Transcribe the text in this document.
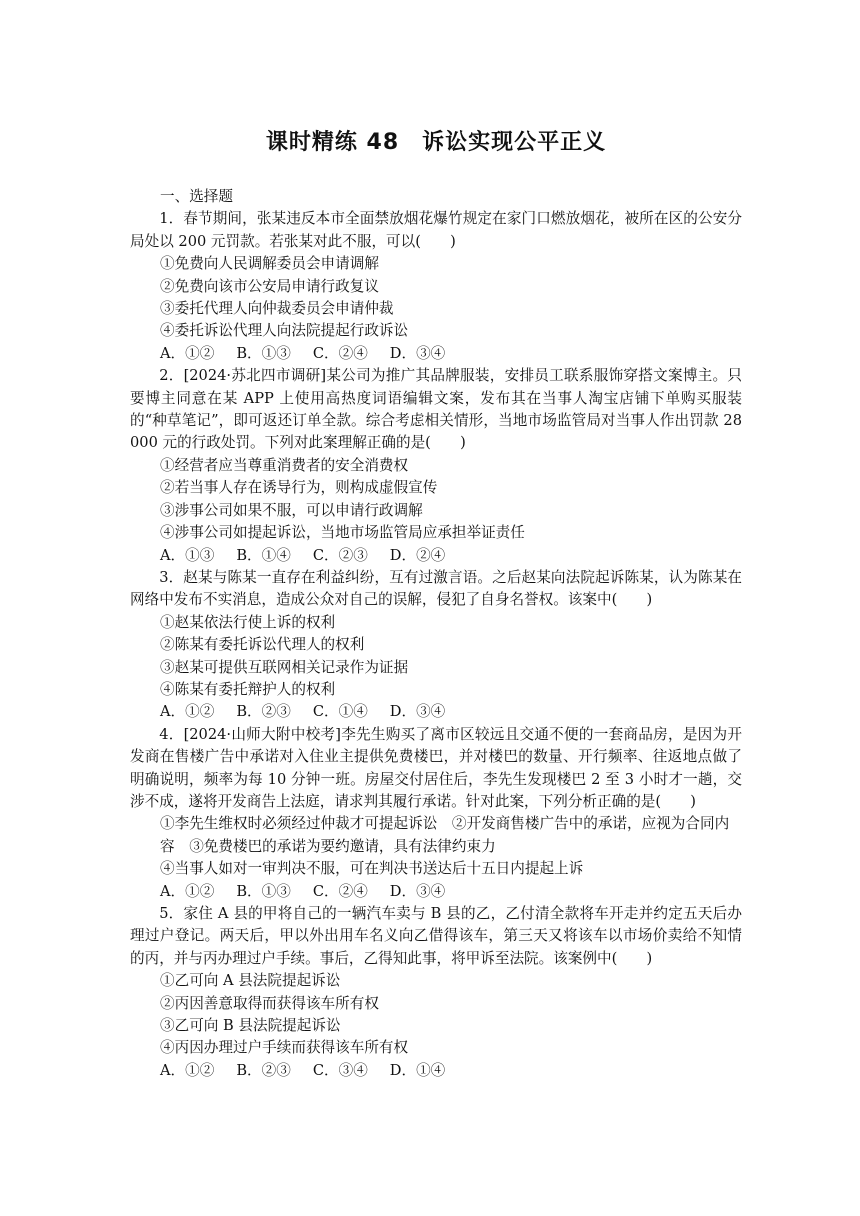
课时精练 48　诉讼实现公平正义
一、选择题

1．春节期间，张某违反本市全面禁放烟花爆竹规定在家门口燃放烟花，被所在区的公安分局处以 200 元罚款。若张某对此不服，可以(　　)

①免费向人民调解委员会申请调解
②免费向该市公安局申请行政复议
③委托代理人向仲裁委员会申请仲裁
④委托诉讼代理人向法院提起行政诉讼
A．①② B．①③ C．②④ D．③④

2．[2024·苏北四市调研]某公司为推广其品牌服装，安排员工联系服饰穿搭文案博主。只要博主同意在某 APP 上使用高热度词语编辑文案，发布其在当事人淘宝店铺下单购买服装的“种草笔记”，即可返还订单全款。综合考虑相关情形，当地市场监管局对当事人作出罚款 28 000 元的行政处罚。下列对此案理解正确的是(　　)

①经营者应当尊重消费者的安全消费权
②若当事人存在诱导行为，则构成虚假宣传
③涉事公司如果不服，可以申请行政调解
④涉事公司如提起诉讼，当地市场监管局应承担举证责任
A．①③ B．①④ C．②③ D．②④

3．赵某与陈某一直存在利益纠纷，互有过激言语。之后赵某向法院起诉陈某，认为陈某在网络中发布不实消息，造成公众对自己的误解，侵犯了自身名誉权。该案中(　　)

①赵某依法行使上诉的权利
②陈某有委托诉讼代理人的权利
③赵某可提供互联网相关记录作为证据
④陈某有委托辩护人的权利
A．①② B．②③ C．①④ D．③④

4．[2024·山师大附中校考]李先生购买了离市区较远且交通不便的一套商品房，是因为开发商在售楼广告中承诺对入住业主提供免费楼巴，并对楼巴的数量、开行频率、往返地点做了明确说明，频率为每 10 分钟一班。房屋交付居住后，李先生发现楼巴 2 至 3 小时才一趟，交涉不成，遂将开发商告上法庭，请求判其履行承诺。针对此案，下列分析正确的是(　　)

①李先生维权时必须经过仲裁才可提起诉讼　②开发商售楼广告中的承诺，应视为合同内容　③免费楼巴的承诺为要约邀请，具有法律约束力
④当事人如对一审判决不服，可在判决书送达后十五日内提起上诉
A．①② B．①③ C．②④ D．③④

5．家住 A 县的甲将自己的一辆汽车卖与 B 县的乙，乙付清全款将车开走并约定五天后办理过户登记。两天后，甲以外出用车名义向乙借得该车，第三天又将该车以市场价卖给不知情的丙，并与丙办理过户手续。事后，乙得知此事，将甲诉至法院。该案例中(　　)

①乙可向 A 县法院提起诉讼
②丙因善意取得而获得该车所有权
③乙可向 B 县法院提起诉讼
④丙因办理过户手续而获得该车所有权
A．①② B．②③ C．③④ D．①④
